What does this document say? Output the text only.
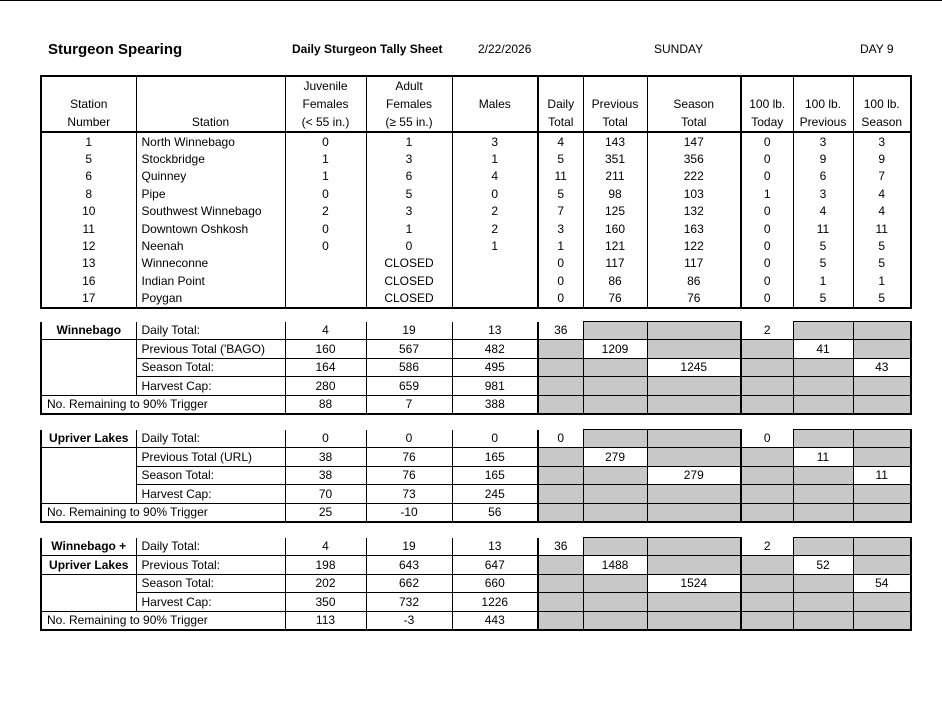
Sturgeon Spearing	Daily Sturgeon Tally Sheet	2/22/2026	SUNDAY	DAY 9
		Juvenile	Adult							
Station		Females	Females	Males	Daily	Previous	Season	100 lb.	100 lb.	100 lb.
Number	Station	(< 55 in.)	(≥ 55 in.)		Total	Total	Total	Today	Previous	Season
1	North Winnebago	0	1	3	4	143	147	0	3	3
5	Stockbridge	1	3	1	5	351	356	0	9	9
6	Quinney	1	6	4	11	211	222	0	6	7
8	Pipe	0	5	0	5	98	103	1	3	4
10	Southwest Winnebago	2	3	2	7	125	132	0	4	4
11	Downtown Oshkosh	0	1	2	3	160	163	0	11	11
12	Neenah	0	0	1	1	121	122	0	5	5
13	Winneconne		CLOSED		0	117	117	0	5	5
16	Indian Point		CLOSED		0	86	86	0	1	1
17	Poygan		CLOSED		0	76	76	0	5	5
Winnebago	Daily Total:	4	19	13	36			2		
	Previous Total ('BAGO)	160	567	482		1209			41	
	Season Total:	164	586	495			1245			43
	Harvest Cap:	280	659	981						
No. Remaining to 90% Trigger		88	7	388						
Upriver Lakes	Daily Total:	0	0	0	0			0		
	Previous Total (URL)	38	76	165		279			11	
	Season Total:	38	76	165			279			11
	Harvest Cap:	70	73	245						
No. Remaining to 90% Trigger		25	-10	56						
Winnebago +	Daily Total:	4	19	13	36			2		
Upriver Lakes	Previous Total:	198	643	647		1488			52	
	Season Total:	202	662	660			1524			54
	Harvest Cap:	350	732	1226						
No. Remaining to 90% Trigger		113	-3	443						
